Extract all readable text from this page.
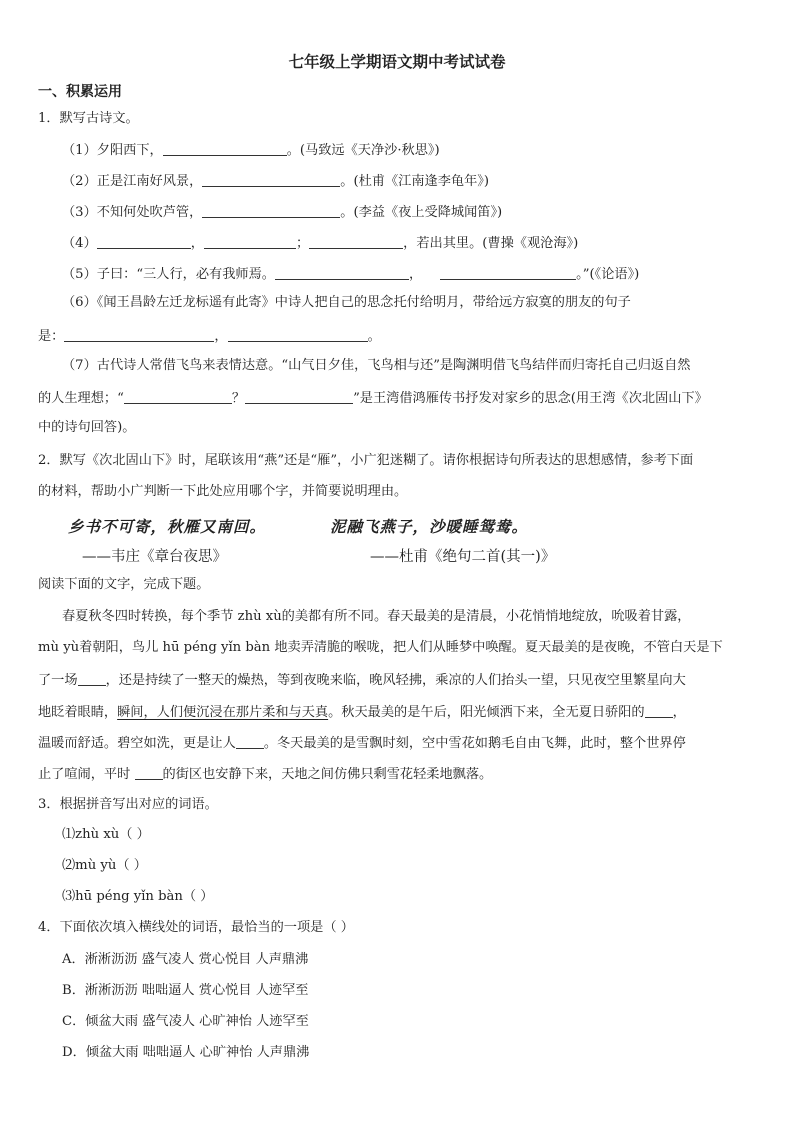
七年级上学期语文期中考试试卷
一、积累运用
1．默写古诗文。
（1）夕阳西下，	。(马致远《天净沙·秋思》)
（2）正是江南好风景，	。(杜甫《江南逢李龟年》)
（3）不知何处吹芦管，	。(李益《夜上受降城闻笛》)
（4）	，	；	，若出其里。(曹操《观沧海》)
（5）子曰：“三人行，必有我师焉。	，	。”(《论语》)
（6）《闻王昌龄左迁龙标遥有此寄》中诗人把自己的思念托付给明月，带给远方寂寞的朋友的句子
是：	，	。
（7）古代诗人常借飞鸟来表情达意。“山气日夕佳，飞鸟相与还”是陶渊明借飞鸟结伴而归寄托自己归返自然
的人生理想；“	？	”是王湾借鸿雁传书抒发对家乡的思念(用王湾《次北固山下》
中的诗句回答)。
2．默写《次北固山下》时，尾联该用“燕”还是“雁”，小广犯迷糊了。请你根据诗句所表达的思想感情，参考下面
的材料，帮助小广判断一下此处应用哪个字，并简要说明理由。
乡书不可寄，秋雁又南回。	泥融飞燕子，沙暖睡鸳鸯。
——韦庄《章台夜思》	——杜甫《绝句二首(其一)》
阅读下面的文字，完成下题。
春夏秋冬四时转换，每个季节 zhù xù的美都有所不同。春天最美的是清晨，小花悄悄地绽放，吮吸着甘露，
mù yù着朝阳，鸟儿 hū péng yǐn bàn 地卖弄清脆的喉咙，把人们从睡梦中唤醒。夏天最美的是夜晚，不管白天是下
了一场 ，还是持续了一整天的燥热，等到夜晚来临，晚风轻拂，乘凉的人们抬头一望，只见夜空里繁星向大
地眨着眼睛，瞬间，人们便沉浸在那片柔和与天真。秋天最美的是午后，阳光倾洒下来，全无夏日骄阳的 ，
温暖而舒适。碧空如洗，更是让人 。冬天最美的是雪飘时刻，空中雪花如鹅毛自由飞舞，此时，整个世界停
止了喧闹，平时 的街区也安静下来，天地之间仿佛只剩雪花轻柔地飘落。
3．根据拼音写出对应的词语。
⑴zhù xù（ ）
⑵mù yù（ ）
⑶hū péng yǐn bàn（ ）
4．下面依次填入横线处的词语，最恰当的一项是（ ）
A．淅淅沥沥 盛气凌人 赏心悦目 人声鼎沸
B．淅淅沥沥 咄咄逼人 赏心悦目 人迹罕至
C．倾盆大雨 盛气凌人 心旷神怡 人迹罕至
D．倾盆大雨 咄咄逼人 心旷神怡 人声鼎沸
